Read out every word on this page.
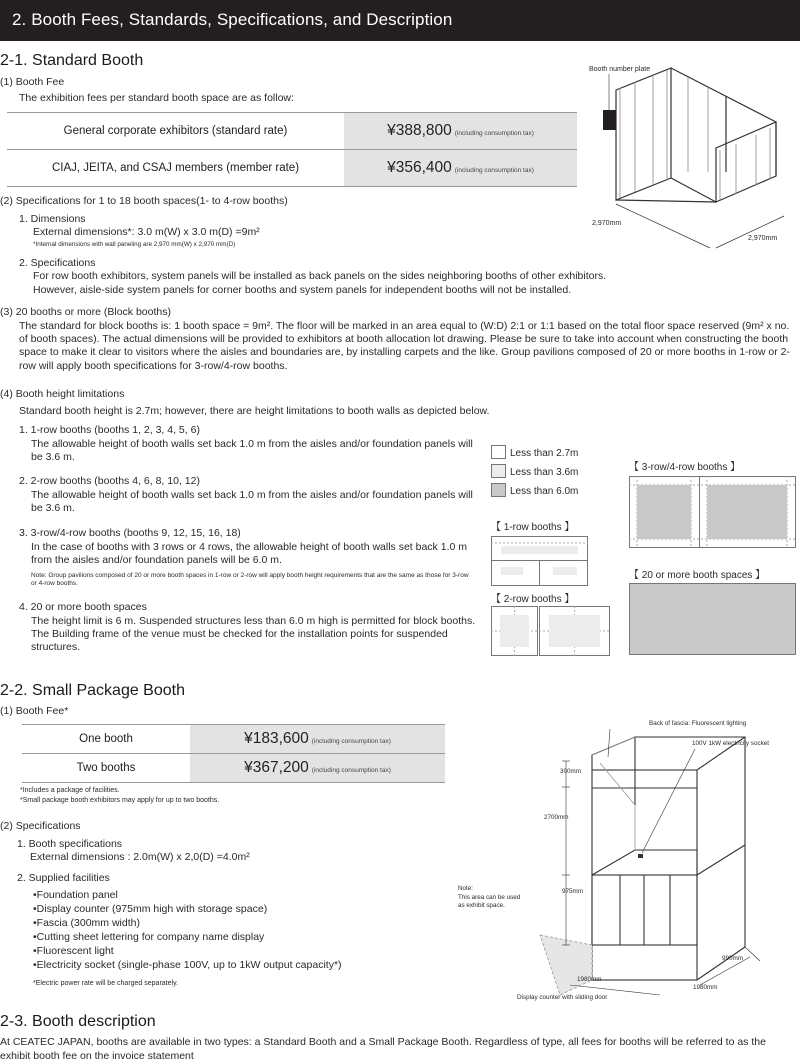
2. Booth Fees, Standards, Specifications, and Description
2-1. Standard Booth
(1) Booth Fee
The exhibition fees per standard booth space are as follow:
General corporate exhibitors (standard rate)	¥388,800 (including consumption tax)
CIAJ, JEITA, and CSAJ members (member rate)	¥356,400 (including consumption tax)
(2) Specifications for 1 to 18 booth spaces(1- to 4-row booths)
1. Dimensions
External dimensions*: 3.0 m(W) x 3.0 m(D) =9m²
*Internal dimensions with wall paneling are 2,970 mm(W) x 2,970 mm(D)
2. Specifications
For row booth exhibitors, system panels will be installed as back panels on the sides neighboring booths of other exhibitors.
However, aisle-side system panels for corner booths and system panels for independent booths will not be installed.
(3) 20 booths or more (Block booths)
The standard for block booths is: 1 booth space = 9m². The floor will be marked in an area equal to (W:D) 2:1 or 1:1 based on the total floor space reserved (9m² x no. of booth spaces). The actual dimensions will be provided to exhibitors at booth allocation lot drawing. Please be sure to take into account when constructing the booth space to make it clear to visitors where the aisles and boundaries are, by installing carpets and the like. Group pavilions composed of 20 or more booths in 1-row or 2-row will apply booth specifications for 3-row/4-row booths.
(4) Booth height limitations
Standard booth height is 2.7m; however, there are height limitations to booth walls as depicted below.
1. 1-row booths (booths 1, 2, 3, 4, 5, 6)
The allowable height of booth walls set back 1.0 m from the aisles and/or foundation panels will be 3.6 m.
2. 2-row booths (booths 4, 6, 8, 10, 12)
The allowable height of booth walls set back 1.0 m from the aisles and/or foundation panels will be 3.6 m.
3. 3-row/4-row booths (booths 9, 12, 15, 16, 18)
In the case of booths with 3 rows or 4 rows, the allowable height of booth walls set back 1.0 m from the aisles and/or foundation panels will be 6.0 m.
Note: Group pavilions composed of 20 or more booth spaces in 1-row or 2-row will apply booth height requirements that are the same as those for 3-row or 4-row booths.
4. 20 or more booth spaces
The height limit is 6 m. Suspended structures less than 6.0 m high is permitted for block booths. The Building frame of the venue must be checked for the installation points for suspended structures.
Less than 2.7m
Less than 3.6m
Less than 6.0m
【 1-row booths 】
【 2-row booths 】
【 3-row/4-row booths 】
【 20 or more booth spaces 】
Booth number plate
2,970mm
2,970mm
2-2. Small Package Booth
(1) Booth Fee*
One booth	¥183,600 (including consumption tax)
Two booths	¥367,200 (including consumption tax)
*Includes a package of facilities.
*Small package booth exhibitors may apply for up to two booths.
(2) Specifications
1. Booth specifications
External dimensions : 2.0m(W) x 2,0(D) =4.0m²
2. Supplied facilities
•Foundation panel
•Display counter (975mm high with storage space)
•Fascia (300mm width)
•Cutting sheet lettering for company name display
•Fluorescent light
•Electricity socket (single-phase 100V, up to 1kW output capacity*)
*Electric power rate will be charged separately.
Back of fascia: Fluorescent lighting
100V 1kW electricity socket
300mm
2700mm
975mm
Note:
This area can be used
as exhibit space.
990mm
1980mm
1980mm
Display counter with sliding door
2-3. Booth description
At CEATEC JAPAN, booths are available in two types: a Standard Booth and a Small Package Booth. Regardless of type, all fees for booths will be referred to as the
exhibit booth fee on the invoice statement
